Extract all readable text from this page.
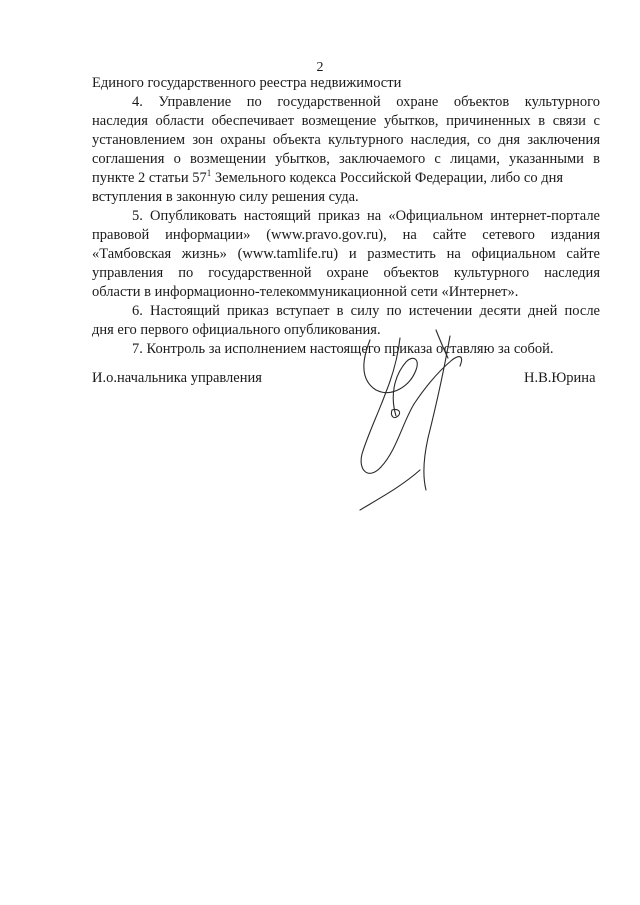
2
Единого государственного реестра недвижимости
4. Управление по государственной охране объектов культурного
наследия области обеспечивает возмещение убытков, причиненных в связи с
установлением зон охраны объекта культурного наследия, со дня заключения
соглашения о возмещении убытков, заключаемого с лицами, указанными в
пункте 2 статьи $57^1$ Земельного кодекса Российской Федерации, либо со дня
вступления в законную силу решения суда.
5. Опубликовать настоящий приказ на «Официальном интернет-портале
правовой информации» (www.pravo.gov.ru), на сайте сетевого издания
«Тамбовская жизнь» (www.tamlife.ru) и разместить на официальном сайте
управления по государственной охране объектов культурного наследия
области в информационно-телекоммуникационной сети «Интернет».
6. Настоящий приказ вступает в силу по истечении десяти дней после
дня его первого официального опубликования.
7. Контроль за исполнением настоящего приказа оставляю за собой.
И.о.начальника управления	Н.В.Юрина
